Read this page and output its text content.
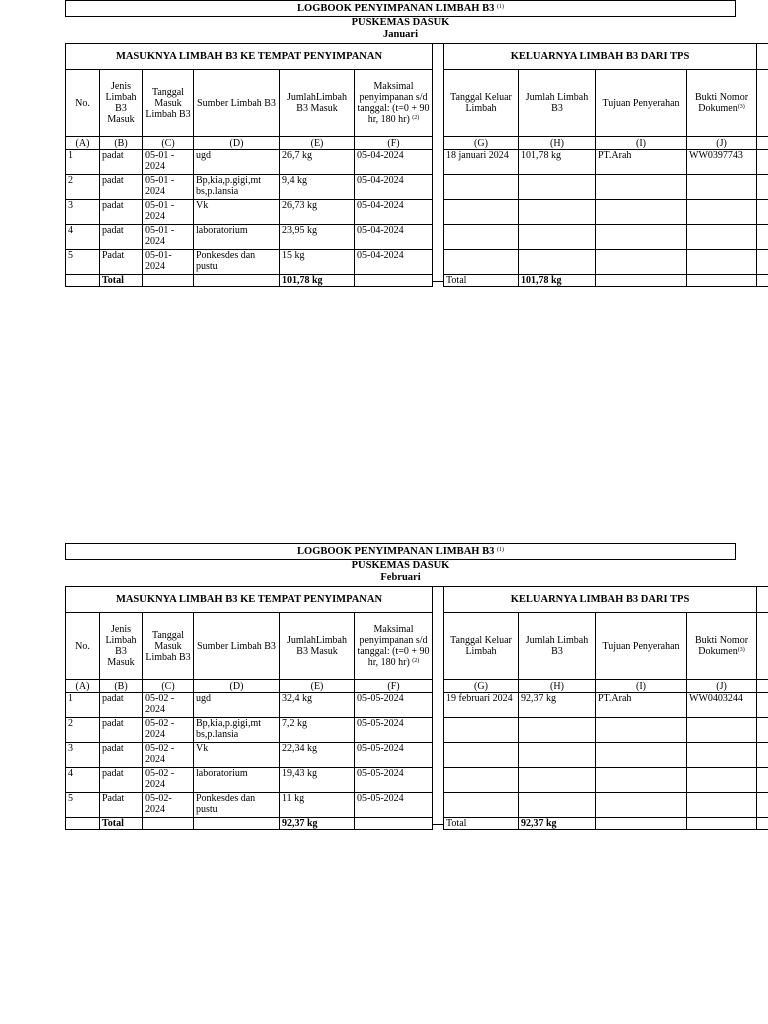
LOGBOOK PENYIMPANAN LIMBAH B3 $^{(1)}$
PUSKEMAS DASUK
Januari
MASUKNYA LIMBAH B3 KE TEMPAT PENYIMPANAN					
No.	Jenis Limbah B3 Masuk	Tanggal Masuk Limbah B3	Sumber Limbah B3	JumlahLimbah B3 Masuk	Maksimal penyimpanan s/d tanggal: (t=0 + 90 hr, 180 hr) $^{(2)}$
(A)	(B)	(C)	(D)	(E)	(F)
1	padat	05-01 - 2024	ugd	26,7 kg	05-04-2024
2	padat	05-01 - 2024	Bp,kia,p.gigi,mt bs,p.lansia	9,4 kg	05-04-2024
3	padat	05-01 - 2024	Vk	26,73 kg	05-04-2024
4	padat	05-01 - 2024	laboratorium	23,95 kg	05-04-2024
5	Padat	05-01- 2024	Ponkesdes dan pustu	15 kg	05-04-2024
	Total			101,78 kg	
KELUARNYA LIMBAH B3 DARI TPS				
Tanggal Keluar Limbah	Jumlah Limbah B3	Tujuan Penyerahan	Bukti Nomor Dokumen$^{(3)}$	
(G)	(H)	(I)	(J)	
18 januari 2024	101,78 kg	PT.Arah	WW0397743	

Total	101,78 kg			
LOGBOOK PENYIMPANAN LIMBAH B3 $^{(1)}$
PUSKEMAS DASUK
Februari
MASUKNYA LIMBAH B3 KE TEMPAT PENYIMPANAN					
No.	Jenis Limbah B3 Masuk	Tanggal Masuk Limbah B3	Sumber Limbah B3	JumlahLimbah B3 Masuk	Maksimal penyimpanan s/d tanggal: (t=0 + 90 hr, 180 hr) $^{(2)}$
(A)	(B)	(C)	(D)	(E)	(F)
1	padat	05-02 - 2024	ugd	32,4 kg	05-05-2024
2	padat	05-02 - 2024	Bp,kia,p.gigi,mt bs,p.lansia	7,2 kg	05-05-2024
3	padat	05-02 - 2024	Vk	22,34 kg	05-05-2024
4	padat	05-02 - 2024	laboratorium	19,43 kg	05-05-2024
5	Padat	05-02- 2024	Ponkesdes dan pustu	11 kg	05-05-2024
	Total			92,37 kg	
KELUARNYA LIMBAH B3 DARI TPS				
Tanggal Keluar Limbah	Jumlah Limbah B3	Tujuan Penyerahan	Bukti Nomor Dokumen$^{(3)}$	
(G)	(H)	(I)	(J)	
19 februari 2024	92,37 kg	PT.Arah	WW0403244	

Total	92,37 kg			
